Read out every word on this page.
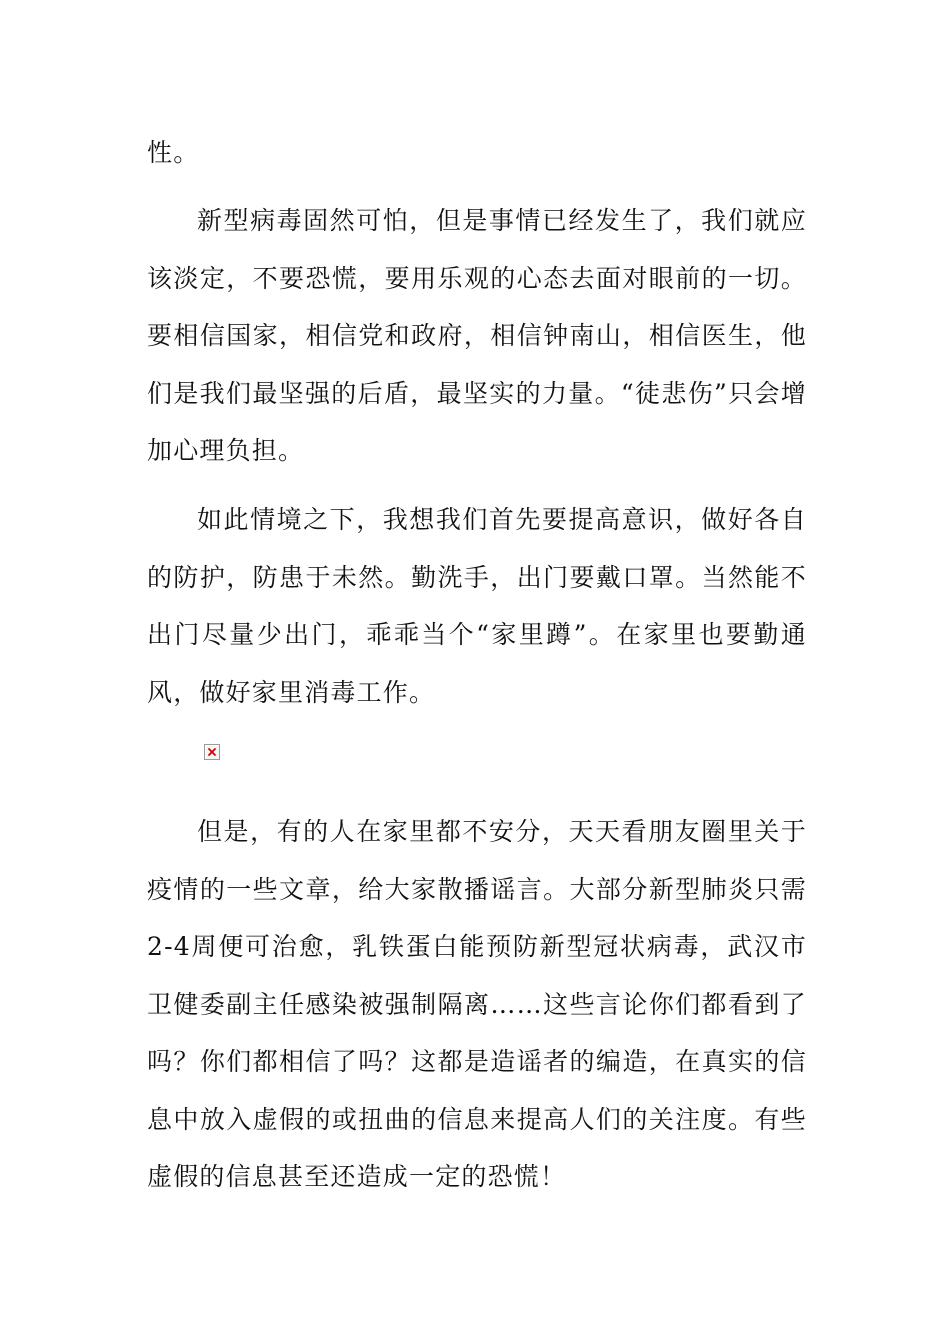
性。

新型病毒固然可怕，但是事情已经发生了，我们就应该淡定，不要恐慌，要用乐观的心态去面对眼前的一切。要相信国家，相信党和政府，相信钟南山，相信医生，他们是我们最坚强的后盾，最坚实的力量。“徒悲伤”只会增加心理负担。

如此情境之下，我想我们首先要提高意识，做好各自的防护，防患于未然。勤洗手，出门要戴口罩。当然能不出门尽量少出门，乖乖当个“家里蹲”。在家里也要勤通风，做好家里消毒工作。

但是，有的人在家里都不安分，天天看朋友圈里关于疫情的一些文章，给大家散播谣言。大部分新型肺炎只需2-4周便可治愈，乳铁蛋白能预防新型冠状病毒，武汉市卫健委副主任感染被强制隔离……这些言论你们都看到了吗？你们都相信了吗？这都是造谣者的编造，在真实的信息中放入虚假的或扭曲的信息来提高人们的关注度。有些虚假的信息甚至还造成一定的恐慌！
